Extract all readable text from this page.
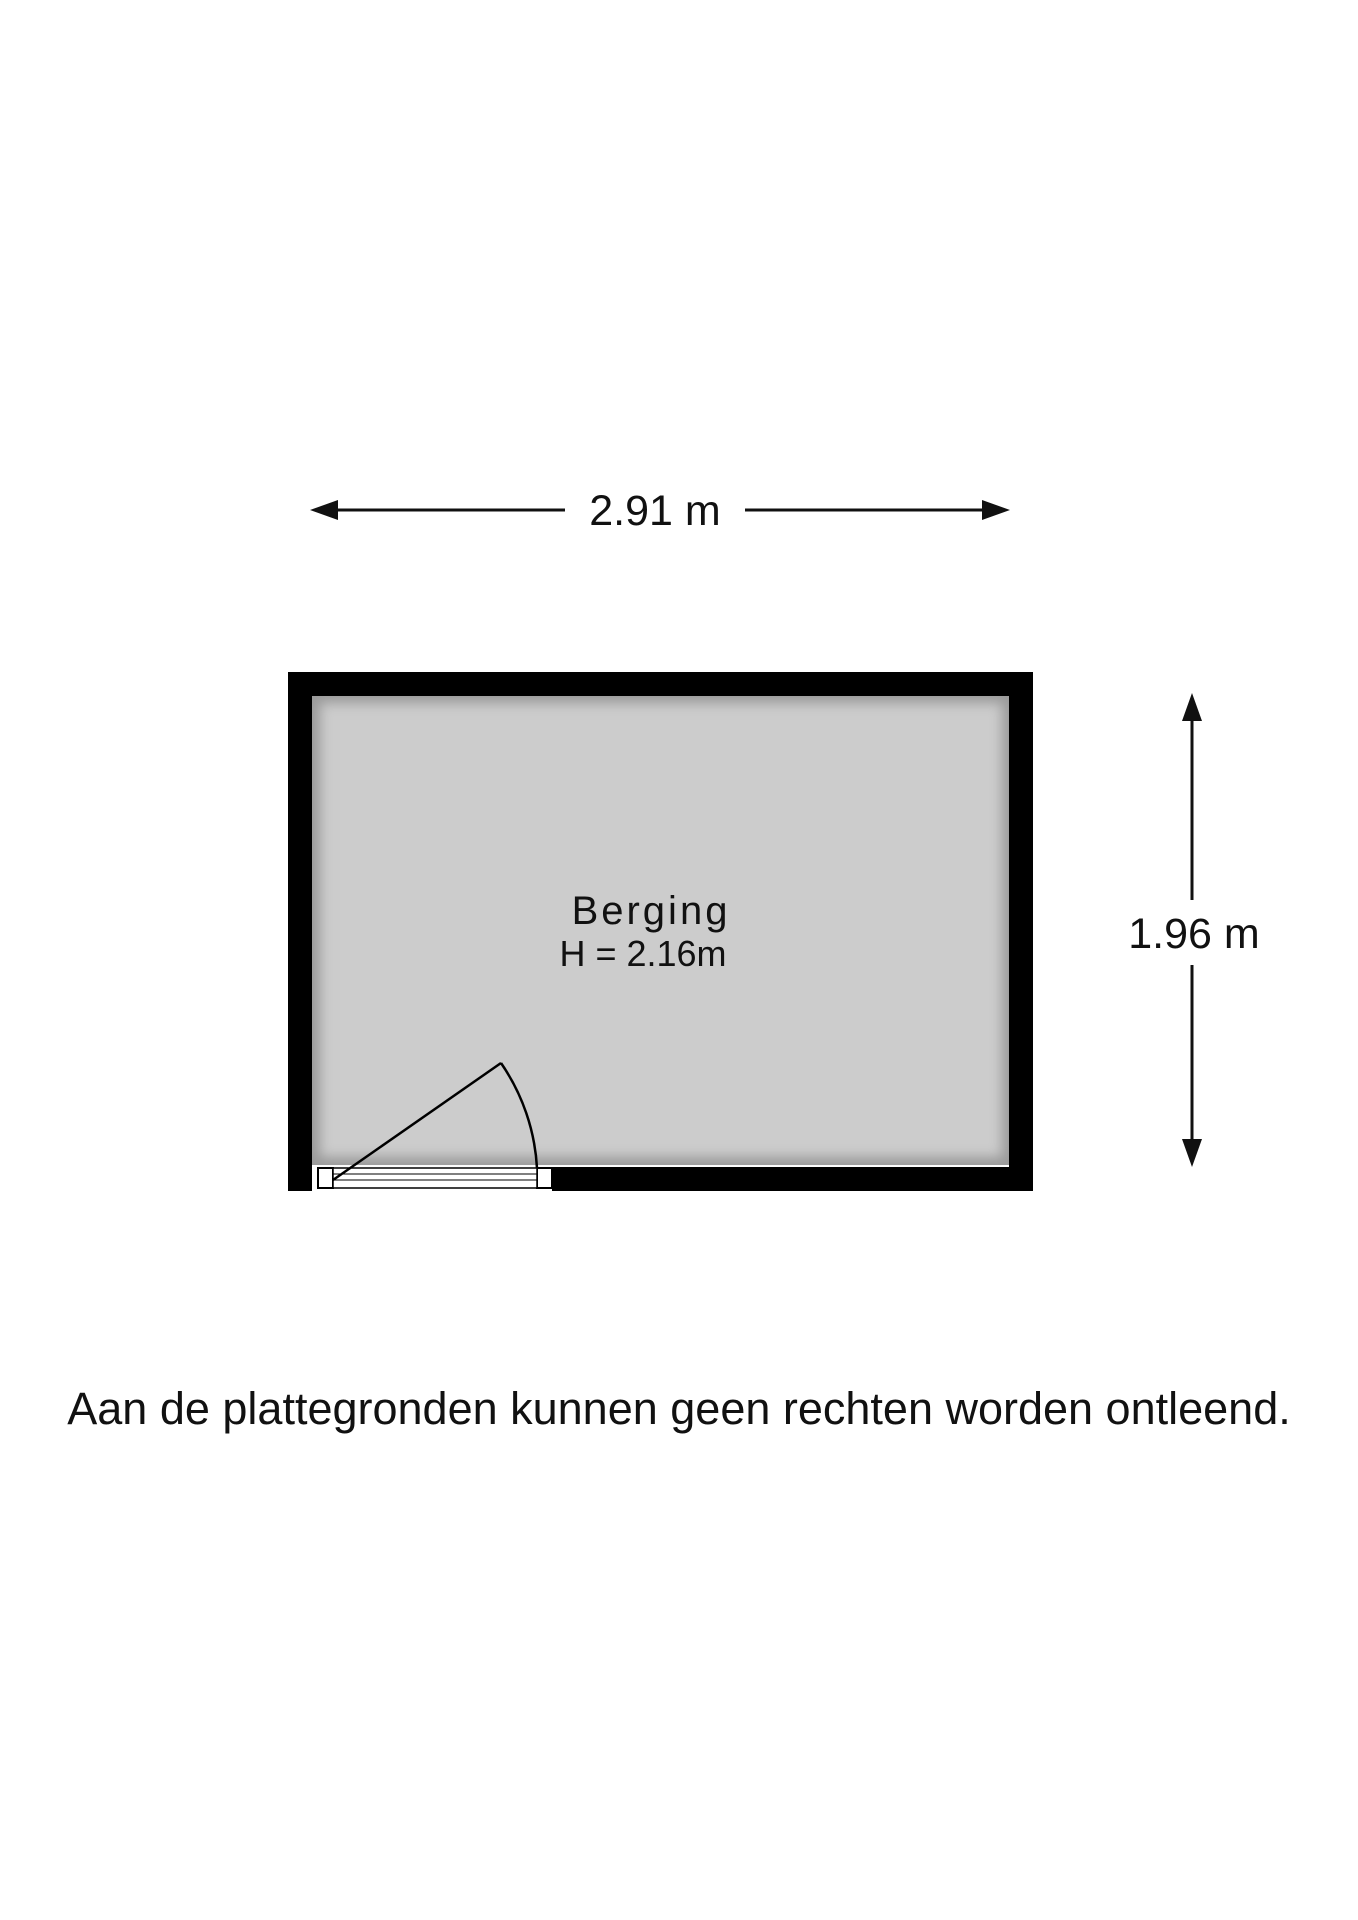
2.91 m
1.96 m
Berging
H = 2.16m
Aan de plattegronden kunnen geen rechten worden ontleend.
